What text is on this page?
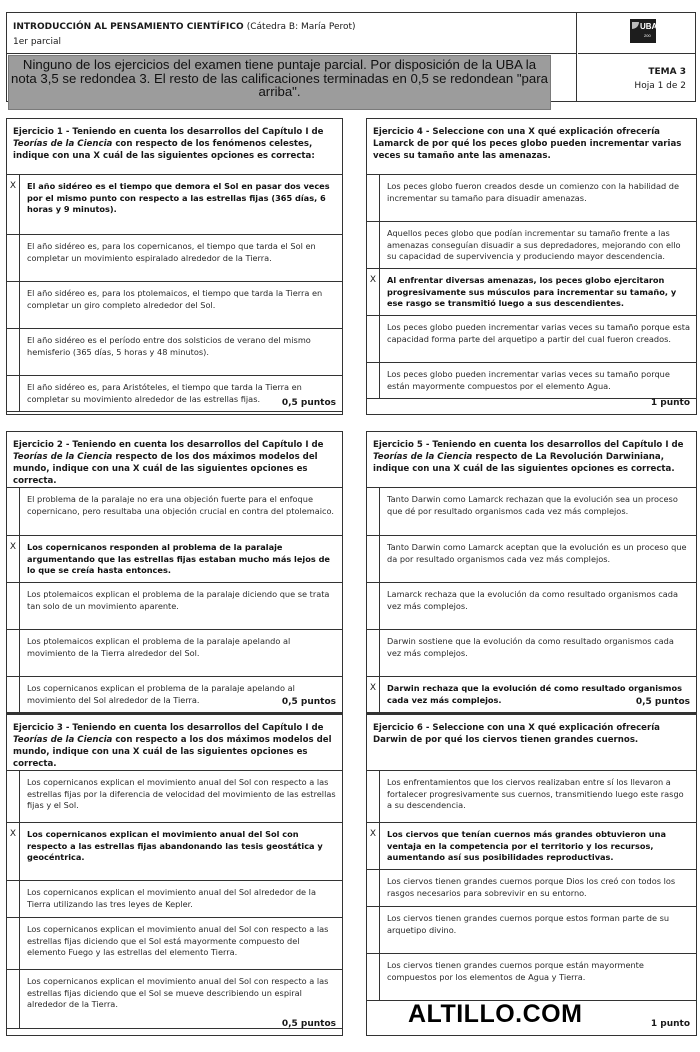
INTRODUCCIÓN AL PENSAMIENTO CIENTÍFICO (Cátedra B: María Perot)
1er parcial
Ninguno de los ejercicios del examen tiene puntaje parcial. Por disposición de la UBA la nota 3,5 se redondea 3. El resto de las calificaciones terminadas en 0,5 se redondean "para arriba".
UBA
200
TEMA 3
Hoja 1 de 2
Ejercicio 1 - Teniendo en cuenta los desarrollos del Capítulo I de Teorías de la Ciencia con respecto de los fenómenos celestes, indique con una X cuál de las siguientes opciones es correcta:
X	El año sidéreo es el tiempo que demora el Sol en pasar dos veces por el mismo punto con respecto a las estrellas fijas (365 días, 6 horas y 9 minutos).
El año sidéreo es, para los copernicanos, el tiempo que tarda el Sol en completar un movimiento espiralado alrededor de la Tierra.
El año sidéreo es, para los ptolemaicos, el tiempo que tarda la Tierra en completar un giro completo alrededor del Sol.
El año sidéreo es el período entre dos solsticios de verano del mismo hemisferio (365 días, 5 horas y 48 minutos).
El año sidéreo es, para Aristóteles, el tiempo que tarda la Tierra en completar su movimiento alrededor de las estrellas fijas.	0,5 puntos
Ejercicio 2 - Teniendo en cuenta los desarrollos del Capítulo I de Teorías de la Ciencia respecto de los dos máximos modelos del mundo, indique con una X cuál de las siguientes opciones es correcta.
El problema de la paralaje no era una objeción fuerte para el enfoque copernicano, pero resultaba una objeción crucial en contra del ptolemaico.
X	Los copernicanos responden al problema de la paralaje argumentando que las estrellas fijas estaban mucho más lejos de lo que se creía hasta entonces.
Los ptolemaicos explican el problema de la paralaje diciendo que se trata tan solo de un movimiento aparente.
Los ptolemaicos explican el problema de la paralaje apelando al movimiento de la Tierra alrededor del Sol.
Los copernicanos explican el problema de la paralaje apelando al movimiento del Sol alrededor de la Tierra.	0,5 puntos
Ejercicio 3 - Teniendo en cuenta los desarrollos del Capítulo I de Teorías de la Ciencia con respecto a los dos máximos modelos del mundo, indique con una X cuál de las siguientes opciones es correcta.
Los copernicanos explican el movimiento anual del Sol con respecto a las estrellas fijas por la diferencia de velocidad del movimiento de las estrellas fijas y el Sol.
X	Los copernicanos explican el movimiento anual del Sol con respecto a las estrellas fijas abandonando las tesis geostática y geocéntrica.
Los copernicanos explican el movimiento anual del Sol alrededor de la Tierra utilizando las tres leyes de Kepler.
Los copernicanos explican el movimiento anual del Sol con respecto a las estrellas fijas diciendo que el Sol está mayormente compuesto del elemento Fuego y las estrellas del elemento Tierra.
Los copernicanos explican el movimiento anual del Sol con respecto a las estrellas fijas diciendo que el Sol se mueve describiendo un espiral alrededor de la Tierra.
0,5 puntos
Ejercicio 4 - Seleccione con una X qué explicación ofrecería Lamarck de por qué los peces globo pueden incrementar varias veces su tamaño ante las amenazas.
Los peces globo fueron creados desde un comienzo con la habilidad de incrementar su tamaño para disuadir amenazas.
Aquellos peces globo que podían incrementar su tamaño frente a las amenazas conseguían disuadir a sus depredadores, mejorando con ello su capacidad de supervivencia y produciendo mayor descendencia.
X	Al enfrentar diversas amenazas, los peces globo ejercitaron progresivamente sus músculos para incrementar su tamaño, y ese rasgo se transmitió luego a sus descendientes.
Los peces globo pueden incrementar varias veces su tamaño porque esta capacidad forma parte del arquetipo a partir del cual fueron creados.
Los peces globo pueden incrementar varias veces su tamaño porque están mayormente compuestos por el elemento Agua.
1 punto
Ejercicio 5 - Teniendo en cuenta los desarrollos del Capítulo I de Teorías de la Ciencia respecto de La Revolución Darwiniana, indique con una X cuál de las siguientes opciones es correcta.
Tanto Darwin como Lamarck rechazan que la evolución sea un proceso que dé por resultado organismos cada vez más complejos.
Tanto Darwin como Lamarck aceptan que la evolución es un proceso que da por resultado organismos cada vez más complejos.
Lamarck rechaza que la evolución da como resultado organismos cada vez más complejos.
Darwin sostiene que la evolución da como resultado organismos cada vez más complejos.
X	Darwin rechaza que la evolución dé como resultado organismos cada vez más complejos.	0,5 puntos
Ejercicio 6 - Seleccione con una X qué explicación ofrecería Darwin de por qué los ciervos tienen grandes cuernos.
Los enfrentamientos que los ciervos realizaban entre sí los llevaron a fortalecer progresivamente sus cuernos, transmitiendo luego este rasgo a su descendencia.
X	Los ciervos que tenían cuernos más grandes obtuvieron una ventaja en la competencia por el territorio y los recursos, aumentando así sus posibilidades reproductivas.
Los ciervos tienen grandes cuernos porque Dios los creó con todos los rasgos necesarios para sobrevivir en su entorno.
Los ciervos tienen grandes cuernos porque estos forman parte de su arquetipo divino.
Los ciervos tienen grandes cuernos porque están mayormente compuestos por los elementos de Agua y Tierra.
1 punto
ALTILLO.COM
